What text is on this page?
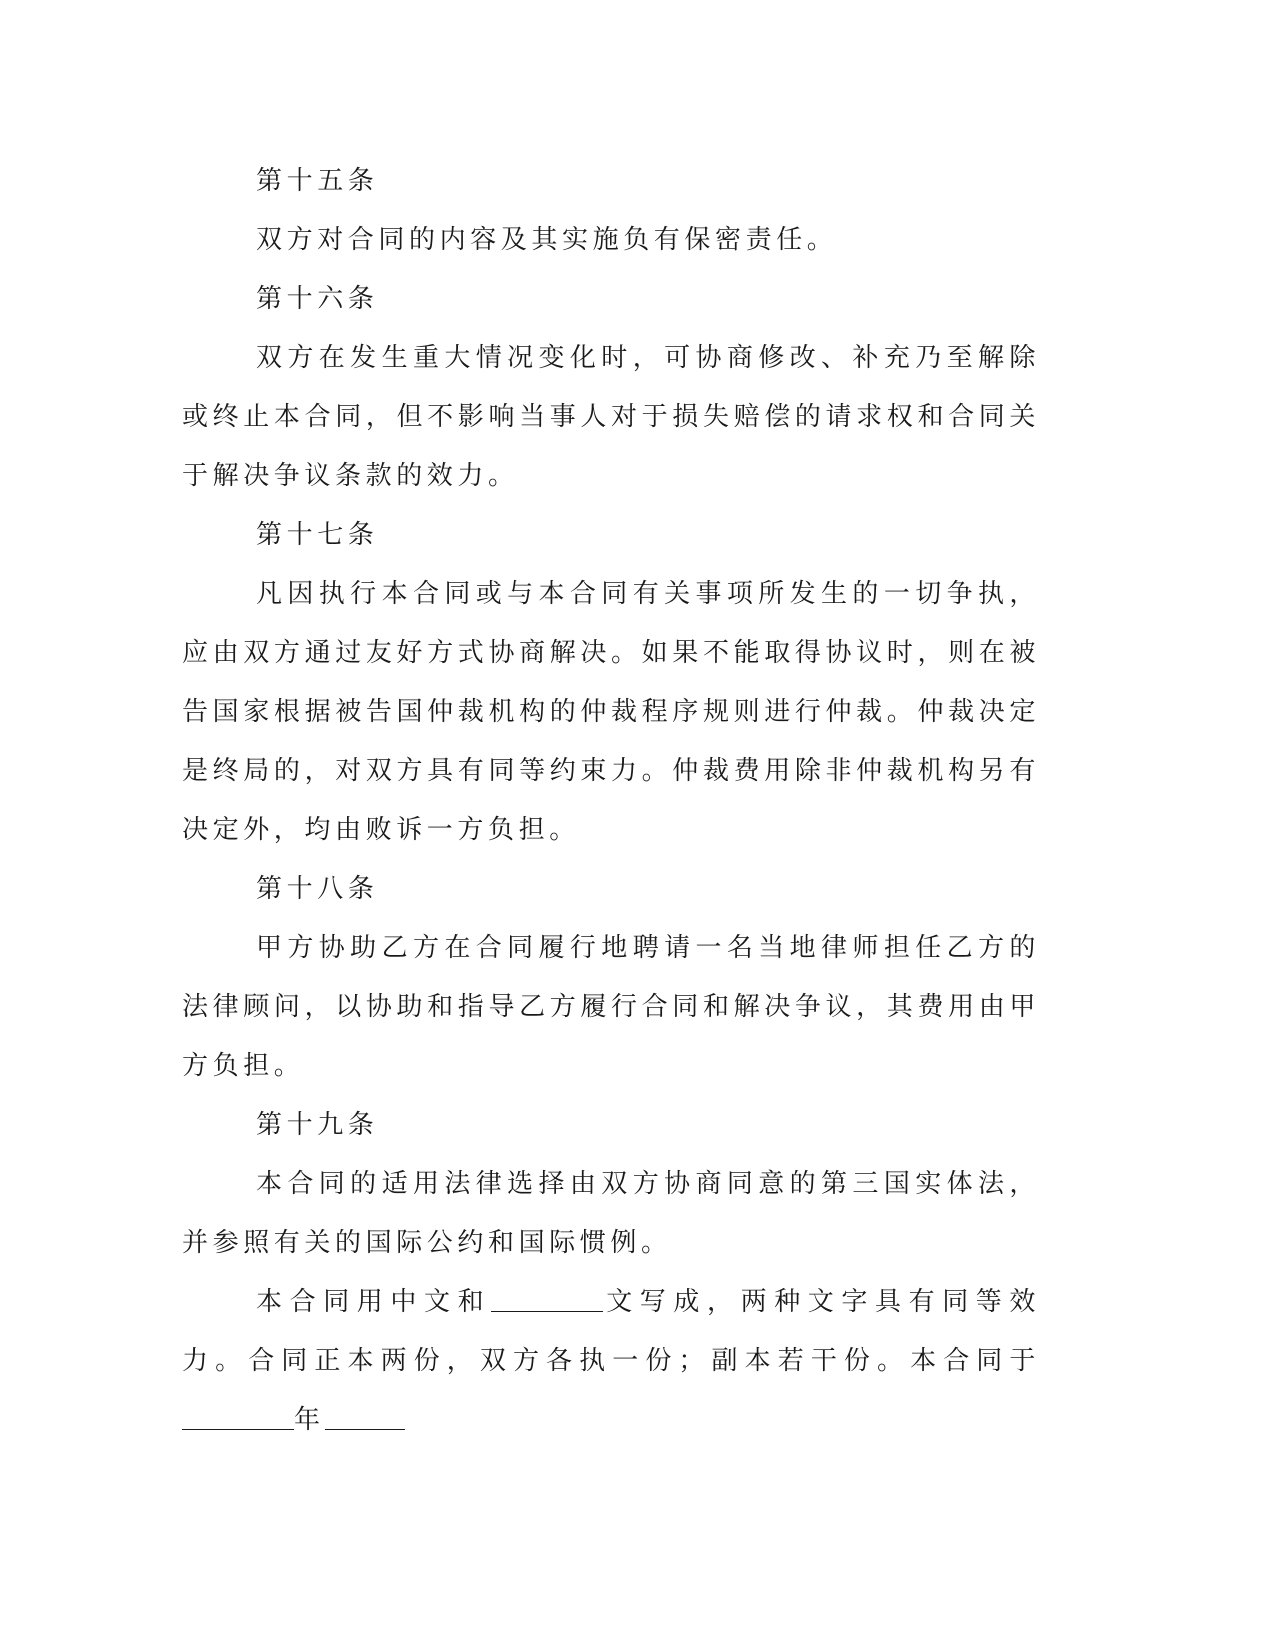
第十五条

双方对合同的内容及其实施负有保密责任。

第十六条

双方在发生重大情况变化时，可协商修改、补充乃至解除或终止本合同，但不影响当事人对于损失赔偿的请求权和合同关于解决争议条款的效力。

第十七条

凡因执行本合同或与本合同有关事项所发生的一切争执，应由双方通过友好方式协商解决。如果不能取得协议时，则在被告国家根据被告国仲裁机构的仲裁程序规则进行仲裁。仲裁决定是终局的，对双方具有同等约束力。仲裁费用除非仲裁机构另有决定外，均由败诉一方负担。

第十八条

甲方协助乙方在合同履行地聘请一名当地律师担任乙方的法律顾问，以协助和指导乙方履行合同和解决争议，其费用由甲方负担。

第十九条

本合同的适用法律选择由双方协商同意的第三国实体法，并参照有关的国际公约和国际惯例。

本合同用中文和	文写成，两种文字具有同等效力。合同正本两份，双方各执一份；副本若干份。本合同于年
